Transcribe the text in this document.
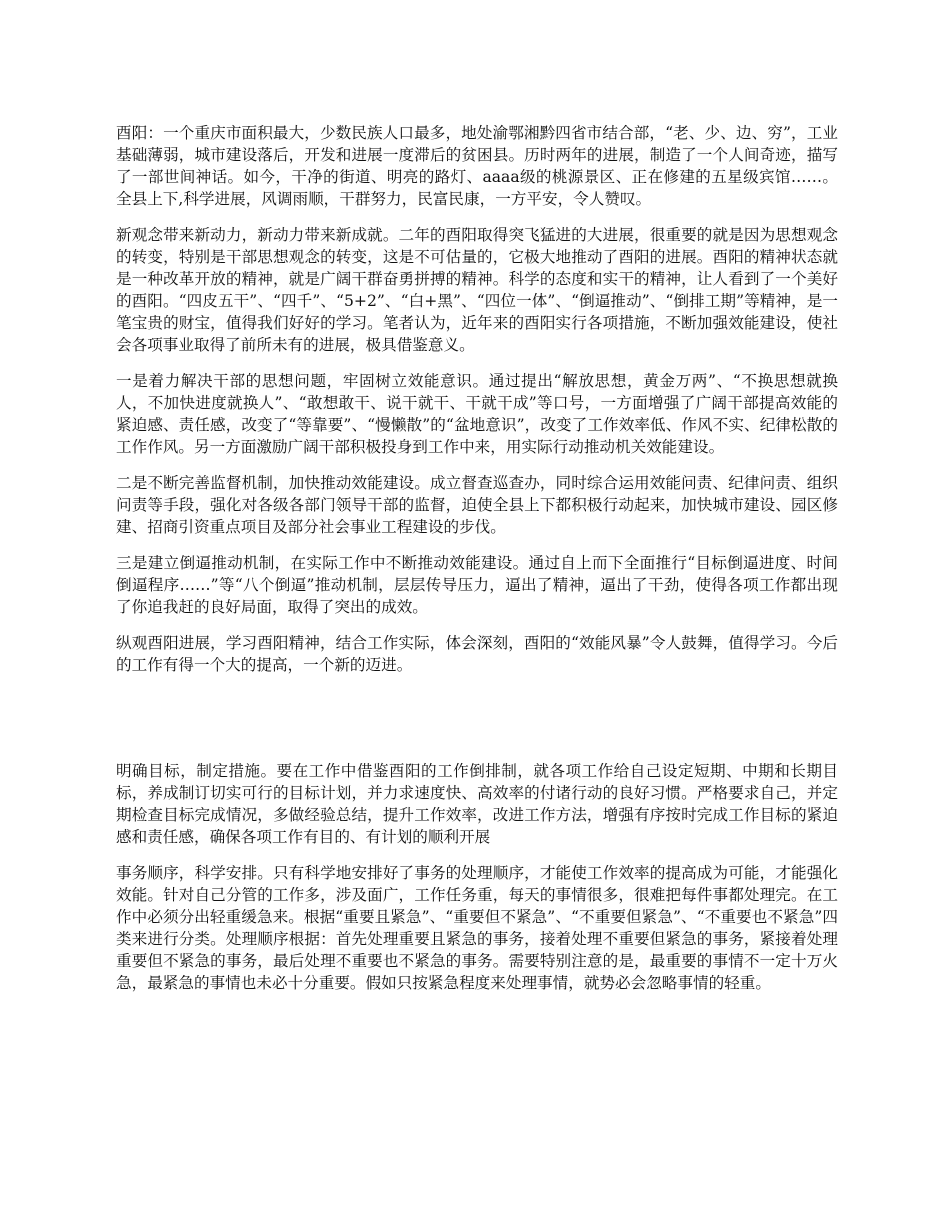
酉阳：一个重庆市面积最大，少数民族人口最多，地处渝鄂湘黔四省市结合部，“老、少、边、穷”，工业基础薄弱，城市建设落后，开发和进展一度滞后的贫困县。历时两年的进展，制造了一个人间奇迹，描写了一部世间神话。如今，干净的街道、明亮的路灯、aaaa级的桃源景区、正在修建的五星级宾馆……。全县上下,科学进展，风调雨顺，干群努力，民富民康，一方平安，令人赞叹。

新观念带来新动力，新动力带来新成就。二年的酉阳取得突飞猛进的大进展，很重要的就是因为思想观念的转变，特别是干部思想观念的转变，这是不可估量的，它极大地推动了酉阳的进展。酉阳的精神状态就是一种改革开放的精神，就是广阔干群奋勇拼搏的精神。科学的态度和实干的精神，让人看到了一个美好的酉阳。“四皮五干”、“四千”、“5+2”、“白+黑”、“四位一体”、“倒逼推动”、“倒排工期”等精神，是一笔宝贵的财宝，值得我们好好的学习。笔者认为，近年来的酉阳实行各项措施，不断加强效能建设，使社会各项事业取得了前所未有的进展，极具借鉴意义。

一是着力解决干部的思想问题，牢固树立效能意识。通过提出“解放思想，黄金万两”、“不换思想就换人，不加快进度就换人”、“敢想敢干、说干就干、干就干成”等口号，一方面增强了广阔干部提高效能的紧迫感、责任感，改变了“等靠要”、“慢懒散”的“盆地意识”，改变了工作效率低、作风不实、纪律松散的工作作风。另一方面激励广阔干部积极投身到工作中来，用实际行动推动机关效能建设。

二是不断完善监督机制，加快推动效能建设。成立督查巡查办，同时综合运用效能问责、纪律问责、组织问责等手段，强化对各级各部门领导干部的监督，迫使全县上下都积极行动起来，加快城市建设、园区修建、招商引资重点项目及部分社会事业工程建设的步伐。

三是建立倒逼推动机制，在实际工作中不断推动效能建设。通过自上而下全面推行“目标倒逼进度、时间倒逼程序……”等“八个倒逼”推动机制，层层传导压力，逼出了精神，逼出了干劲，使得各项工作都出现了你追我赶的良好局面，取得了突出的成效。

纵观酉阳进展，学习酉阳精神，结合工作实际，体会深刻，酉阳的“效能风暴”令人鼓舞，值得学习。今后的工作有得一个大的提高，一个新的迈进。

明确目标，制定措施。要在工作中借鉴酉阳的工作倒排制，就各项工作给自己设定短期、中期和长期目标，养成制订切实可行的目标计划，并力求速度快、高效率的付诸行动的良好习惯。严格要求自己，并定期检查目标完成情况，多做经验总结，提升工作效率，改进工作方法，增强有序按时完成工作目标的紧迫感和责任感，确保各项工作有目的、有计划的顺利开展

事务顺序，科学安排。只有科学地安排好了事务的处理顺序，才能使工作效率的提高成为可能，才能强化效能。针对自己分管的工作多，涉及面广，工作任务重，每天的事情很多，很难把每件事都处理完。在工作中必须分出轻重缓急来。根据“重要且紧急”、“重要但不紧急”、“不重要但紧急”、“不重要也不紧急”四类来进行分类。处理顺序根据：首先处理重要且紧急的事务，接着处理不重要但紧急的事务，紧接着处理重要但不紧急的事务，最后处理不重要也不紧急的事务。需要特别注意的是，最重要的事情不一定十万火急，最紧急的事情也未必十分重要。假如只按紧急程度来处理事情，就势必会忽略事情的轻重。
